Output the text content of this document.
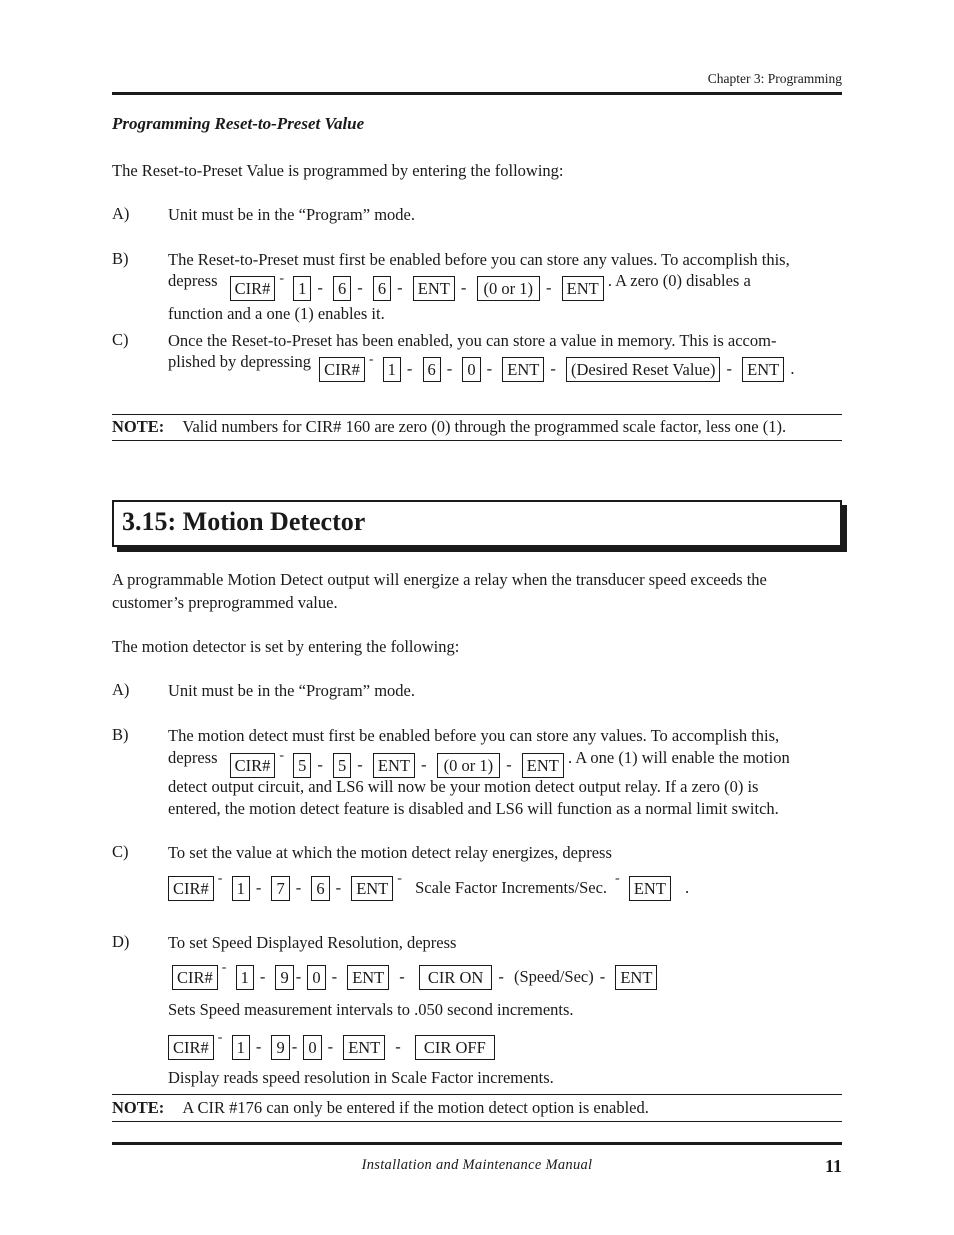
Chapter 3: Programming
Programming Reset-to-Preset Value
The Reset-to-Preset Value is programmed by entering the following:
A) Unit must be in the “Program” mode.
B) The Reset-to-Preset must first be enabled before you can store any values. To accomplish this,
depress CIR#- 1 - 6 - 6 - ENT - (0 or 1) - ENT . A zero (0) disables a
function and a one (1) enables it.
C) Once the Reset-to-Preset has been enabled, you can store a value in memory. This is accom-
plished by depressing CIR#- 1 - 6 - 0 - ENT - (Desired Reset Value) - ENT .
NOTE: Valid numbers for CIR# 160 are zero (0) through the programmed scale factor, less one (1).
3.15: Motion Detector
A programmable Motion Detect output will energize a relay when the transducer speed exceeds the
customer’s preprogrammed value.
The motion detector is set by entering the following:
A) Unit must be in the “Program” mode.
B) The motion detect must first be enabled before you can store any values. To accomplish this,
depress CIR#- 5 - 5 - ENT - (0 or 1) - ENT . A one (1) will enable the motion
detect output circuit, and LS6 will now be your motion detect output relay. If a zero (0) is
entered, the motion detect feature is disabled and LS6 will function as a normal limit switch.
C) To set the value at which the motion detect relay energizes, depress
CIR#- 1 - 7 - 6 - ENT- Scale Factor Increments/Sec. - ENT .
D) To set Speed Displayed Resolution, depress
CIR#- 1 - 9 - 0 - ENT - CIR ON - (Speed/Sec) - ENT
Sets Speed measurement intervals to .050 second increments.
CIR#- 1 - 9 - 0 - ENT - CIR OFF
Display reads speed resolution in Scale Factor increments.
NOTE: A CIR #176 can only be entered if the motion detect option is enabled.
Installation and Maintenance Manual	11
